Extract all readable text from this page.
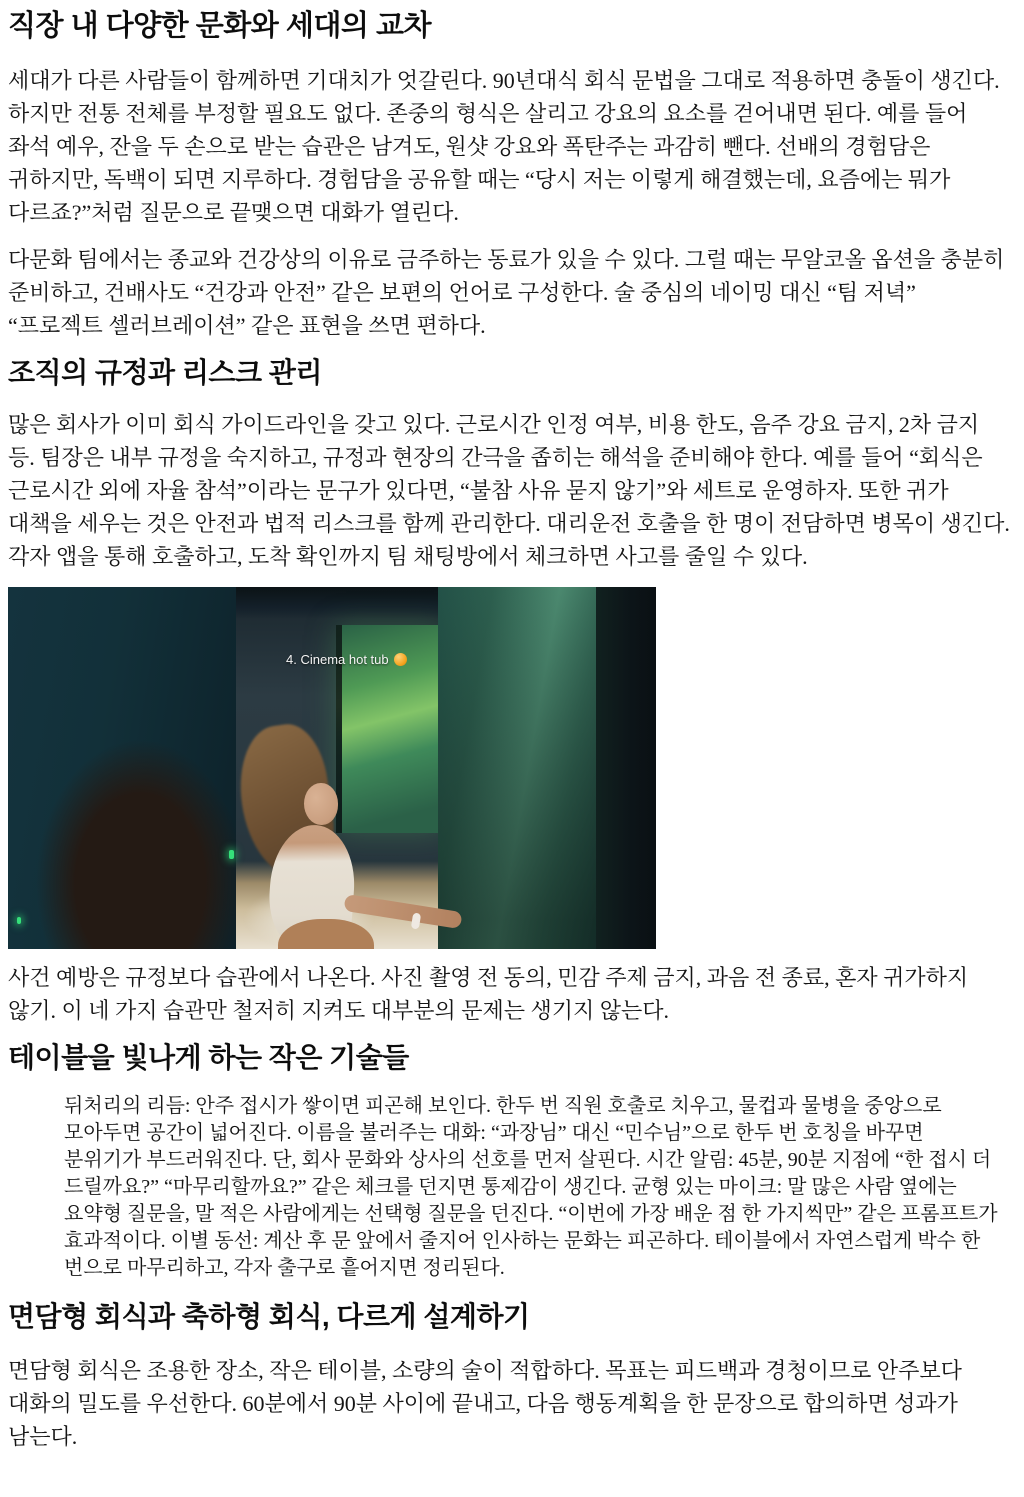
직장 내 다양한 문화와 세대의 교차

세대가 다른 사람들이 함께하면 기대치가 엇갈린다. 90년대식 회식 문법을 그대로 적용하면 충돌이 생긴다. 하지만 전통 전체를 부정할 필요도 없다. 존중의 형식은 살리고 강요의 요소를 걷어내면 된다. 예를 들어 좌석 예우, 잔을 두 손으로 받는 습관은 남겨도, 원샷 강요와 폭탄주는 과감히 뺀다. 선배의 경험담은 귀하지만, 독백이 되면 지루하다. 경험담을 공유할 때는 “당시 저는 이렇게 해결했는데, 요즘에는 뭐가 다르죠?”처럼 질문으로 끝맺으면 대화가 열린다.

다문화 팀에서는 종교와 건강상의 이유로 금주하는 동료가 있을 수 있다. 그럴 때는 무알코올 옵션을 충분히 준비하고, 건배사도 “건강과 안전” 같은 보편의 언어로 구성한다. 술 중심의 네이밍 대신 “팀 저녁” “프로젝트 셀러브레이션” 같은 표현을 쓰면 편하다.

조직의 규정과 리스크 관리

많은 회사가 이미 회식 가이드라인을 갖고 있다. 근로시간 인정 여부, 비용 한도, 음주 강요 금지, 2차 금지 등. 팀장은 내부 규정을 숙지하고, 규정과 현장의 간극을 좁히는 해석을 준비해야 한다. 예를 들어 “회식은 근로시간 외에 자율 참석”이라는 문구가 있다면, “불참 사유 묻지 않기”와 세트로 운영하자. 또한 귀가 대책을 세우는 것은 안전과 법적 리스크를 함께 관리한다. 대리운전 호출을 한 명이 전담하면 병목이 생긴다. 각자 앱을 통해 호출하고, 도착 확인까지 팀 채팅방에서 체크하면 사고를 줄일 수 있다.

4. Cinema hot tub

사건 예방은 규정보다 습관에서 나온다. 사진 촬영 전 동의, 민감 주제 금지, 과음 전 종료, 혼자 귀가하지 않기. 이 네 가지 습관만 철저히 지켜도 대부분의 문제는 생기지 않는다.

테이블을 빛나게 하는 작은 기술들
뒤처리의 리듬: 안주 접시가 쌓이면 피곤해 보인다. 한두 번 직원 호출로 치우고, 물컵과 물병을 중앙으로 모아두면 공간이 넓어진다. 이름을 불러주는 대화: “과장님” 대신 “민수님”으로 한두 번 호칭을 바꾸면 분위기가 부드러워진다. 단, 회사 문화와 상사의 선호를 먼저 살핀다. 시간 알림: 45분, 90분 지점에 “한 접시 더 드릴까요?” “마무리할까요?” 같은 체크를 던지면 통제감이 생긴다. 균형 있는 마이크: 말 많은 사람 옆에는 요약형 질문을, 말 적은 사람에게는 선택형 질문을 던진다. “이번에 가장 배운 점 한 가지씩만” 같은 프롬프트가 효과적이다. 이별 동선: 계산 후 문 앞에서 줄지어 인사하는 문화는 피곤하다. 테이블에서 자연스럽게 박수 한 번으로 마무리하고, 각자 출구로 흩어지면 정리된다.
면담형 회식과 축하형 회식, 다르게 설계하기

면담형 회식은 조용한 장소, 작은 테이블, 소량의 술이 적합하다. 목표는 피드백과 경청이므로 안주보다 대화의 밀도를 우선한다. 60분에서 90분 사이에 끝내고, 다음 행동계획을 한 문장으로 합의하면 성과가 남는다.
